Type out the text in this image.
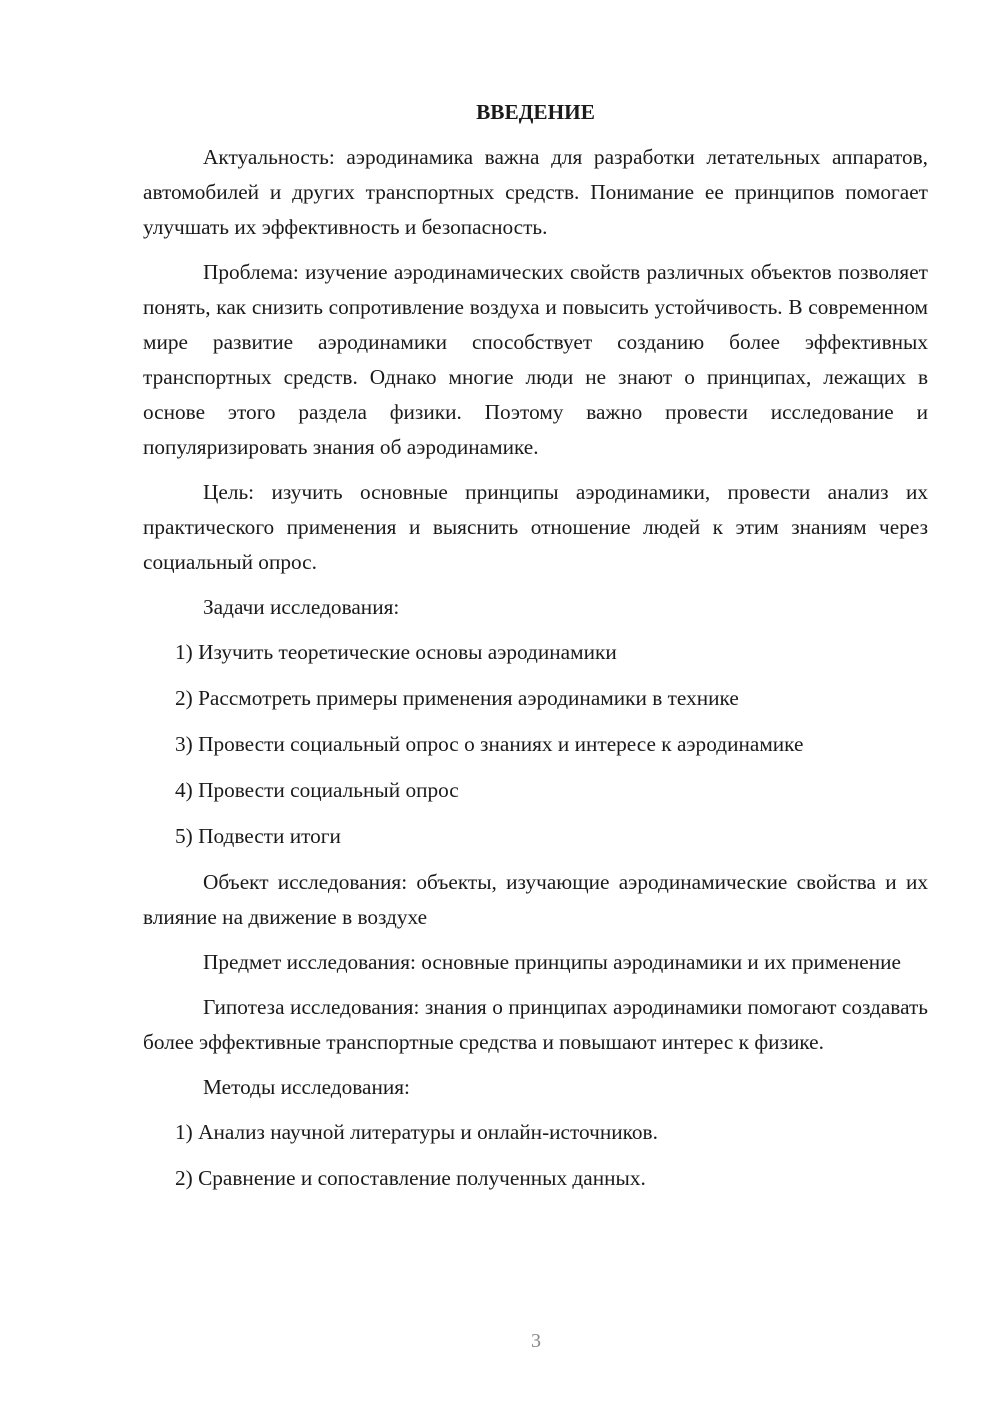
ВВЕДЕНИЕ

Актуальность: аэродинамика важна для разработки летательных аппаратов, автомобилей и других транспортных средств. Понимание ее принципов помогает улучшать их эффективность и безопасность.

Проблема: изучение аэродинамических свойств различных объектов позволяет понять, как снизить сопротивление воздуха и повысить устойчивость. В современном мире развитие аэродинамики способствует созданию более эффективных транспортных средств. Однако многие люди не знают о принципах, лежащих в основе этого раздела физики. Поэтому важно провести исследование и популяризировать знания об аэродинамике.

Цель: изучить основные принципы аэродинамики, провести анализ их практического применения и выяснить отношение людей к этим знаниям через социальный опрос.

Задачи исследования:

1) Изучить теоретические основы аэродинамики
2) Рассмотреть примеры применения аэродинамики в технике
3) Провести социальный опрос о знаниях и интересе к аэродинамике
4) Провести социальный опрос
5) Подвести итоги

Объект исследования: объекты, изучающие аэродинамические свойства и их влияние на движение в воздухе

Предмет исследования: основные принципы аэродинамики и их применение

Гипотеза исследования: знания о принципах аэродинамики помогают создавать более эффективные транспортные средства и повышают интерес к физике.

Методы исследования:

1) Анализ научной литературы и онлайн-источников.
2) Сравнение и сопоставление полученных данных.
3
